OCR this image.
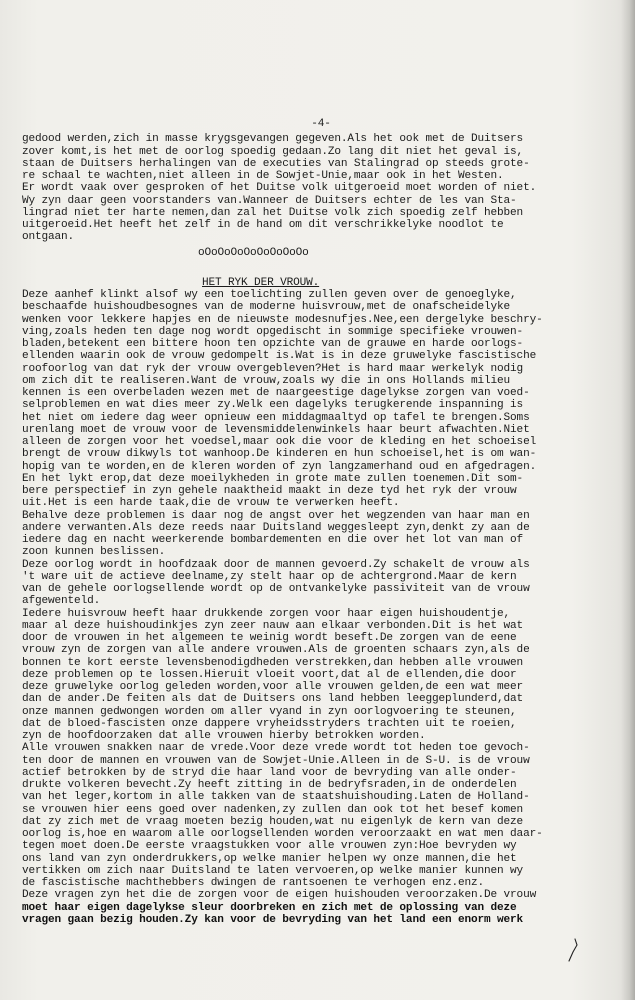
-4-
gedood werden,zich in masse krygsgevangen gegeven.Als het ook met de Duitsers
zover komt,is het met de oorlog spoedig gedaan.Zo lang dit niet het geval is,
staan de Duitsers herhalingen van de executies van Stalingrad op steeds grote-
re schaal te wachten,niet alleen in de Sowjet-Unie,maar ook in het Westen.
Er wordt vaak over gesproken of het Duitse volk uitgeroeid moet worden of niet.
Wy zyn daar geen voorstanders van.Wanneer de Duitsers echter de les van Sta-
lingrad niet ter harte nemen,dan zal het Duitse volk zich spoedig zelf hebben
uitgeroeid.Het heeft het zelf in de hand om dit verschrikkelyke noodlot te
ontgaan.
oOoOoOoOoOoOoOoOo
HET RYK DER VROUW.
Deze aanhef klinkt alsof wy een toelichting zullen geven over de genoeglyke,
beschaafde huishoudbesognes van de moderne huisvrouw,met de onafscheidelyke
wenken voor lekkere hapjes en de nieuwste modesnufjes.Nee,een dergelyke beschry-
ving,zoals heden ten dage nog wordt opgedischt in sommige specifieke vrouwen-
bladen,betekent een bittere hoon ten opzichte van de grauwe en harde oorlogs-
ellenden waarin ook de vrouw gedompelt is.Wat is in deze gruwelyke fascistische
roofoorlog van dat ryk der vrouw overgebleven?Het is hard maar werkelyk nodig
om zich dit te realiseren.Want de vrouw,zoals wy die in ons Hollands milieu
kennen is een overbeladen wezen met de naargeestige dagelykse zorgen van voed-
selproblemen en wat dies meer zy.Welk een dagelyks terugkerende inspanning is
het niet om iedere dag weer opnieuw een middagmaaltyd op tafel te brengen.Soms
urenlang moet de vrouw voor de levensmiddelenwinkels haar beurt afwachten.Niet
alleen de zorgen voor het voedsel,maar ook die voor de kleding en het schoeisel
brengt de vrouw dikwyls tot wanhoop.De kinderen en hun schoeisel,het is om wan-
hopig van te worden,en de kleren worden of zyn langzamerhand oud en afgedragen.
En het lykt erop,dat deze moeilykheden in grote mate zullen toenemen.Dit som-
bere perspectief in zyn gehele naaktheid maakt in deze tyd het ryk der vrouw
uit.Het is een harde taak,die de vrouw te verwerken heeft.
Behalve deze problemen is daar nog de angst over het wegzenden van haar man en
andere verwanten.Als deze reeds naar Duitsland weggesleept zyn,denkt zy aan de
iedere dag en nacht weerkerende bombardementen en die over het lot van man of
zoon kunnen beslissen.
Deze oorlog wordt in hoofdzaak door de mannen gevoerd.Zy schakelt de vrouw als
't ware uit de actieve deelname,zy stelt haar op de achtergrond.Maar de kern
van de gehele oorlogsellende wordt op de ontvankelyke passiviteit van de vrouw
afgewenteld.
Iedere huisvrouw heeft haar drukkende zorgen voor haar eigen huishoudentje,
maar al deze huishoudinkjes zyn zeer nauw aan elkaar verbonden.Dit is het wat
door de vrouwen in het algemeen te weinig wordt beseft.De zorgen van de eene
vrouw zyn de zorgen van alle andere vrouwen.Als de groenten schaars zyn,als de
bonnen te kort eerste levensbenodigdheden verstrekken,dan hebben alle vrouwen
deze problemen op te lossen.Hieruit vloeit voort,dat al de ellenden,die door
deze gruwelyke oorlog geleden worden,voor alle vrouwen gelden,de een wat meer
dan de ander.De feiten als dat de Duitsers ons land hebben leeggeplunderd,dat
onze mannen gedwongen worden om aller vyand in zyn oorlogvoering te steunen,
dat de bloed-fascisten onze dappere vryheidsstryders trachten uit te roeien,
zyn de hoofdoorzaken dat alle vrouwen hierby betrokken worden.
Alle vrouwen snakken naar de vrede.Voor deze vrede wordt tot heden toe gevoch-
ten door de mannen en vrouwen van de Sowjet-Unie.Alleen in de S-U. is de vrouw
actief betrokken by de stryd die haar land voor de bevryding van alle onder-
drukte volkeren bevecht.Zy heeft zitting in de bedryfsraden,in de onderdelen
van het leger,kortom in alle takken van de staatshuishouding.Laten de Holland-
se vrouwen hier eens goed over nadenken,zy zullen dan ook tot het besef komen
dat zy zich met de vraag moeten bezig houden,wat nu eigenlyk de kern van deze
oorlog is,hoe en waarom alle oorlogsellenden worden veroorzaakt en wat men daar-
tegen moet doen.De eerste vraagstukken voor alle vrouwen zyn:Hoe bevryden wy
ons land van zyn onderdrukkers,op welke manier helpen wy onze mannen,die het
vertikken om zich naar Duitsland te laten vervoeren,op welke manier kunnen wy
de fascistische machthebbers dwingen de rantsoenen te verhogen enz.enz.
Deze vragen zyn het die de zorgen voor de eigen huishouden veroorzaken.De vrouw
moet haar eigen dagelykse sleur doorbreken en zich met de oplossing van deze
vragen gaan bezig houden.Zy kan voor de bevryding van het land een enorm werk
